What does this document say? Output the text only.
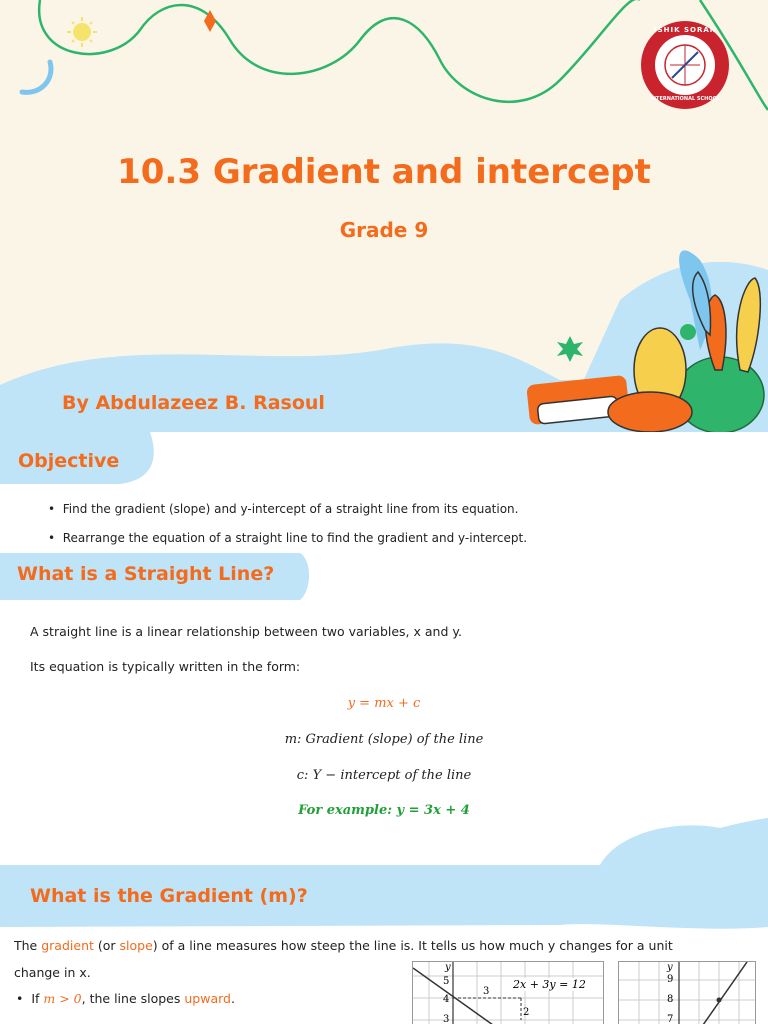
ISHIK SORAN
INTERNATIONAL SCHOOL
10.3 Gradient and intercept
Grade 9
By Abdulazeez B. Rasoul
Objective
•  Find the gradient (slope) and y-intercept of a straight line from its equation.
•  Rearrange the equation of a straight line to find the gradient and y-intercept.
What is a Straight Line?
A straight line is a linear relationship between two variables, x and y.
Its equation is typically written in the form:
y = mx + c
m: Gradient (slope) of the line
c: Y − intercept of the line
For example: y = 3x + 4
What is the Gradient (m)?
The gradient (or slope) of a line measures how steep the line is. It tells us how much y changes for a unit
change in x.
•  If m > 0, the line slopes upward.
y
5
4
3
3
2
2x + 3y = 12
y
9
8
7
